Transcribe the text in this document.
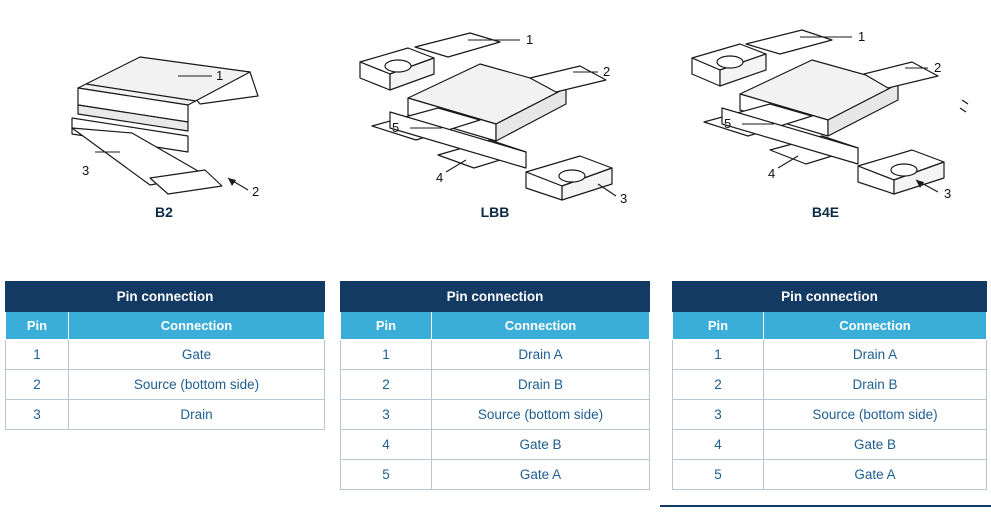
1
3
2
B2
1
2
5
4
3
LBB
1
2
5
4
3
B4E
Pin connection	
Pin	Connection
1	Gate
2	Source (bottom side)
3	Drain
Pin connection	
Pin	Connection
1	Drain A
2	Drain B
3	Source (bottom side)
4	Gate B
5	Gate A
Pin connection	
Pin	Connection
1	Drain A
2	Drain B
3	Source (bottom side)
4	Gate B
5	Gate A
